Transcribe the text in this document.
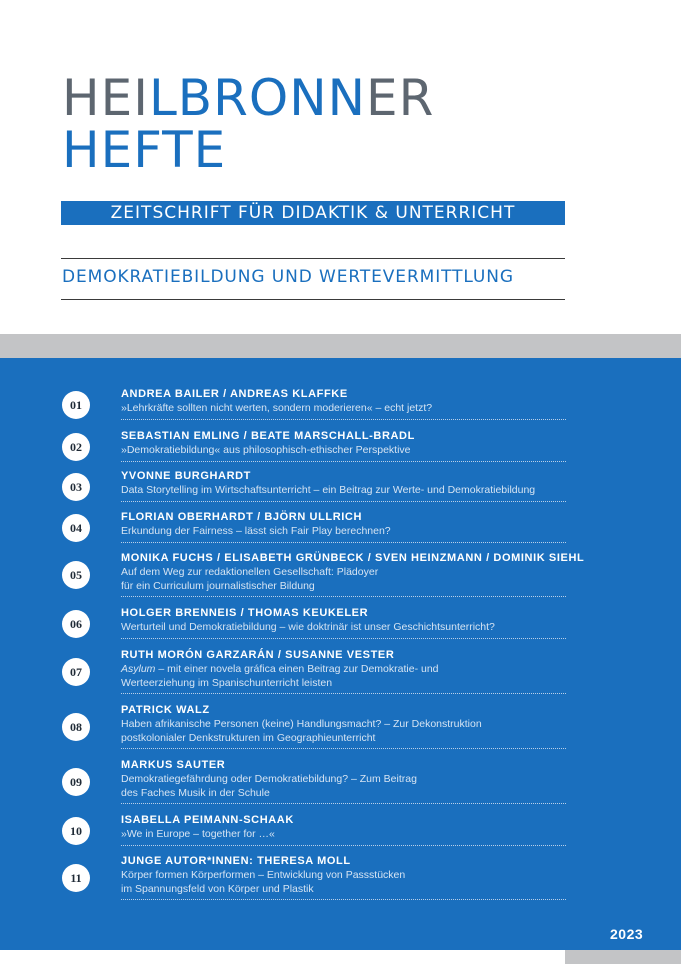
HEILBRONNER
HEFTE
ZEITSCHRIFT FÜR DIDAKTIK & UNTERRICHT
DEMOKRATIEBILDUNG UND WERTEVERMITTLUNG
01
ANDREA BAILER / ANDREAS KLAFFKE
»Lehrkräfte sollten nicht werten, sondern moderieren« – echt jetzt?
02
SEBASTIAN EMLING / BEATE MARSCHALL-BRADL
»Demokratiebildung« aus philosophisch-ethischer Perspektive
03
YVONNE BURGHARDT
Data Storytelling im Wirtschaftsunterricht – ein Beitrag zur Werte- und Demokratiebildung
04
FLORIAN OBERHARDT / BJÖRN ULLRICH
Erkundung der Fairness – lässt sich Fair Play berechnen?
05
MONIKA FUCHS / ELISABETH GRÜNBECK / SVEN HEINZMANN / DOMINIK SIEHL
Auf dem Weg zur redaktionellen Gesellschaft: Plädoyer
für ein Curriculum journalistischer Bildung
06
HOLGER BRENNEIS / THOMAS KEUKELER
Werturteil und Demokratiebildung – wie doktrinär ist unser Geschichtsunterricht?
07
RUTH MORÓN GARZARÁN / SUSANNE VESTER
Asylum – mit einer novela gráfica einen Beitrag zur Demokratie- und
Werteerziehung im Spanischunterricht leisten
08
PATRICK WALZ
Haben afrikanische Personen (keine) Handlungsmacht? – Zur Dekonstruktion
postkolonialer Denkstrukturen im Geographieunterricht
09
MARKUS SAUTER
Demokratiegefährdung oder Demokratiebildung? – Zum Beitrag
des Faches Musik in der Schule
10
ISABELLA PEIMANN-SCHAAK
»We in Europe – together for …«
11
JUNGE AUTOR*INNEN: THERESA MOLL
Körper formen Körperformen – Entwicklung von Passstücken
im Spannungsfeld von Körper und Plastik
2023
